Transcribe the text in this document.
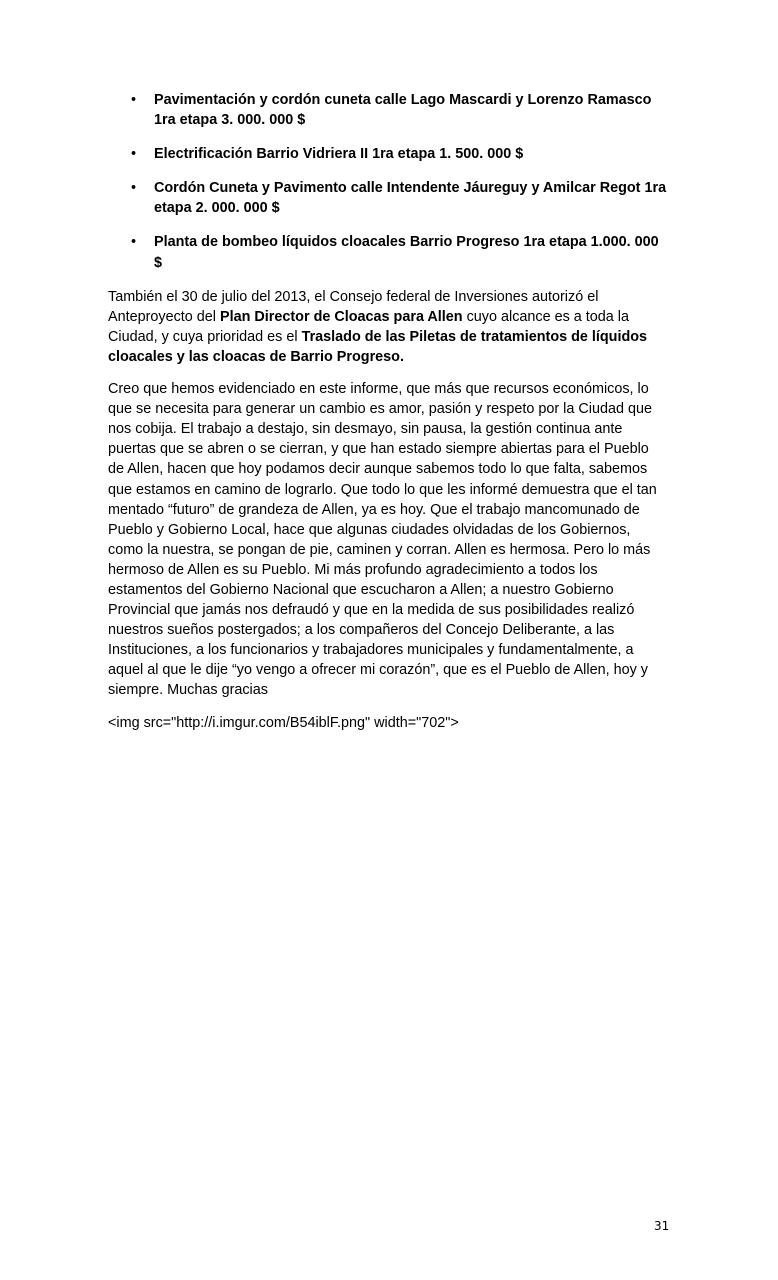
• Pavimentación y cordón cuneta calle Lago Mascardi y Lorenzo Ramasco 1ra etapa 3. 000. 000 $
• Electrificación Barrio Vidriera II 1ra etapa 1. 500. 000 $
• Cordón Cuneta y Pavimento calle Intendente Jáureguy y Amilcar Regot 1ra etapa 2. 000. 000 $
• Planta de bombeo líquidos cloacales Barrio Progreso 1ra etapa 1.000. 000 $

También el 30 de julio del 2013, el Consejo federal de Inversiones autorizó el Anteproyecto del Plan Director de Cloacas para Allen cuyo alcance es a toda la Ciudad, y cuya prioridad es el Traslado de las Piletas de tratamientos de líquidos cloacales y las cloacas de Barrio Progreso.

Creo que hemos evidenciado en este informe, que más que recursos económicos, lo que se necesita para generar un cambio es amor, pasión y respeto por la Ciudad que nos cobija. El trabajo a destajo, sin desmayo, sin pausa, la gestión continua ante puertas que se abren o se cierran, y que han estado siempre abiertas para el Pueblo de Allen, hacen que hoy podamos decir aunque sabemos todo lo que falta, sabemos que estamos en camino de lograrlo. Que todo lo que les informé demuestra que el tan mentado “futuro” de grandeza de Allen, ya es hoy. Que el trabajo mancomunado de Pueblo y Gobierno Local, hace que algunas ciudades olvidadas de los Gobiernos, como la nuestra, se pongan de pie, caminen y corran. Allen es hermosa. Pero lo más hermoso de Allen es su Pueblo. Mi más profundo agradecimiento a todos los estamentos del Gobierno Nacional que escucharon a Allen; a nuestro Gobierno Provincial que jamás nos defraudó y que en la medida de sus posibilidades realizó nuestros sueños postergados; a los compañeros del Concejo Deliberante, a las Instituciones, a los funcionarios y trabajadores municipales y fundamentalmente, a aquel al que le dije “yo vengo a ofrecer mi corazón”, que es el Pueblo de Allen, hoy y siempre. Muchas gracias

<img src="http://i.imgur.com/B54iblF.png" width="702">

31
